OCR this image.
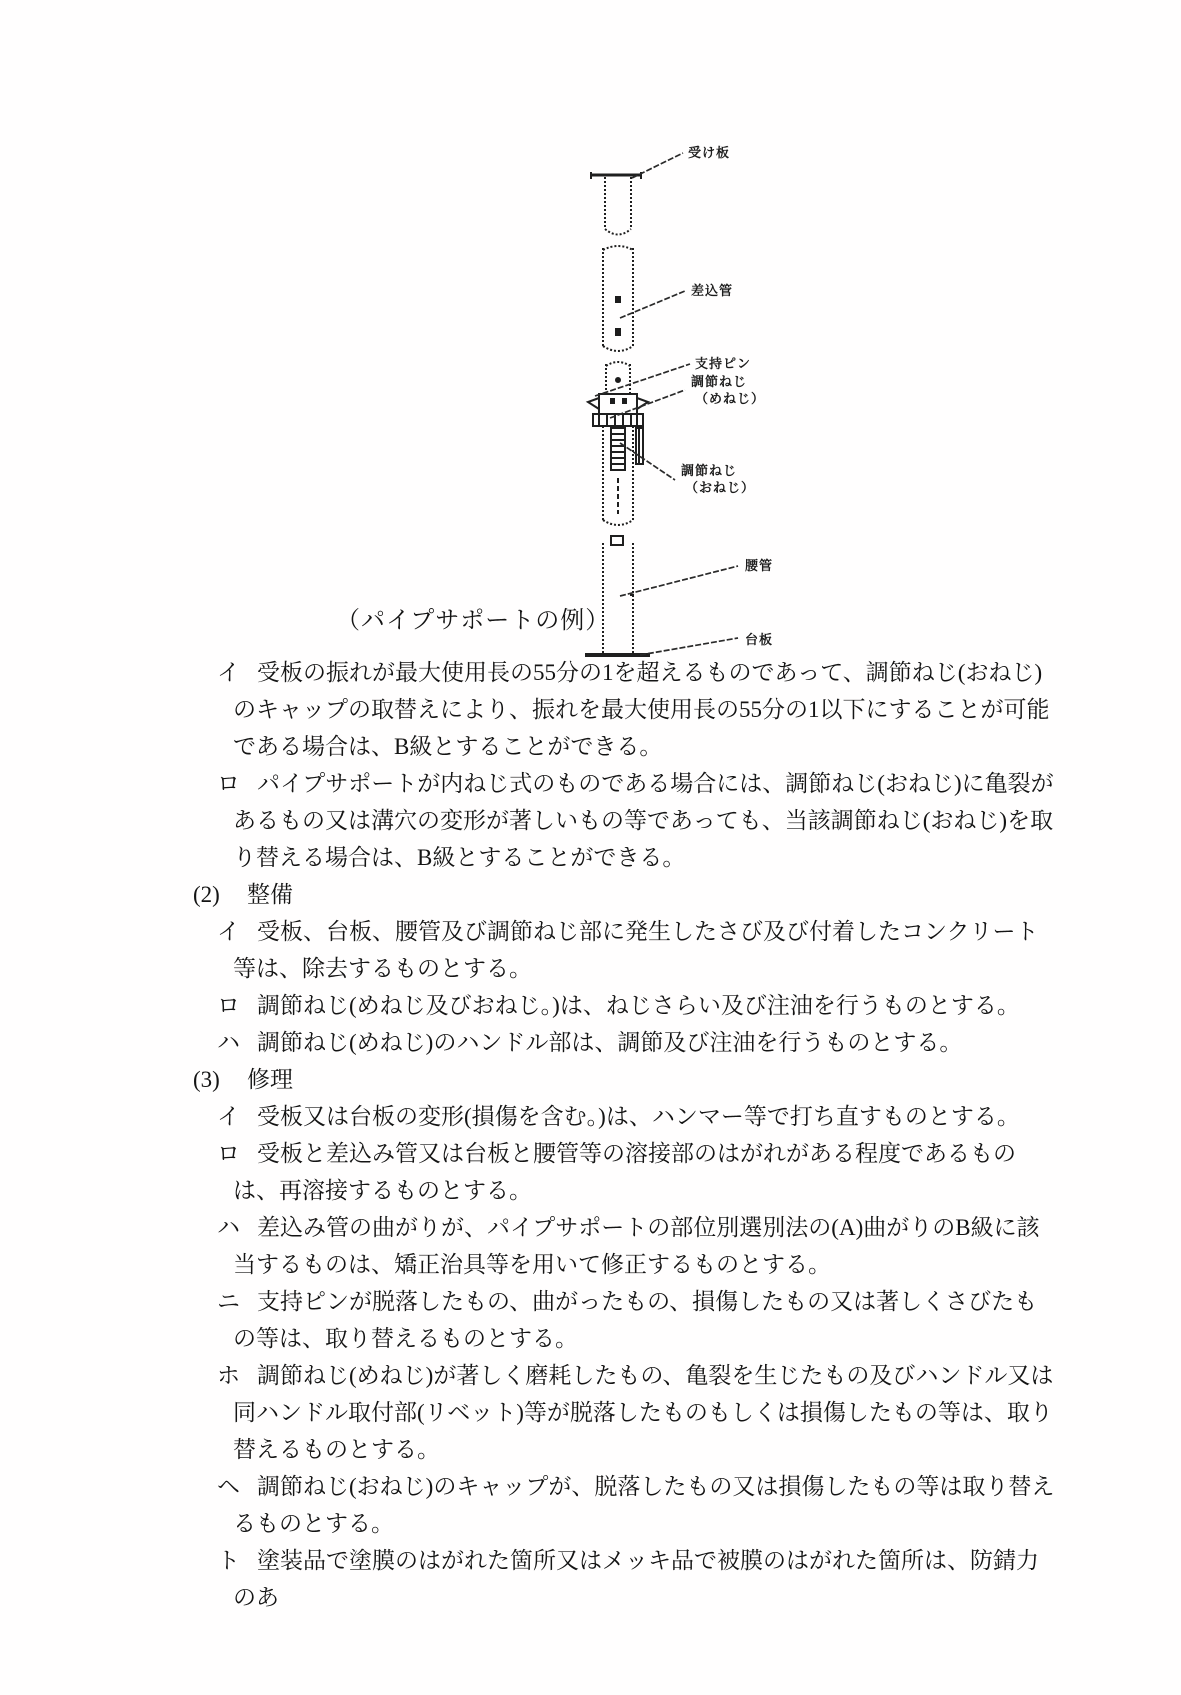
受け板
差込管
支持ピン
調節ねじ
（めねじ）
調節ねじ
（おねじ）
腰管
台板
（パイプサポートの例）
イ 受板の振れが最大使用長の55分の1を超えるものであって、調節ねじ(おねじ)のキャップの取替えにより、振れを最大使用長の55分の1以下にすることが可能である場合は、B級とすることができる。
ロ パイプサポートが内ねじ式のものである場合には、調節ねじ(おねじ)に亀裂があるもの又は溝穴の変形が著しいもの等であっても、当該調節ねじ(おねじ)を取り替える場合は、B級とすることができる。
(2) 整備
イ 受板、台板、腰管及び調節ねじ部に発生したさび及び付着したコンクリート等は、除去するものとする。
ロ 調節ねじ(めねじ及びおねじ。)は、ねじさらい及び注油を行うものとする。
ハ 調節ねじ(めねじ)のハンドル部は、調節及び注油を行うものとする。
(3) 修理
イ 受板又は台板の変形(損傷を含む。)は、ハンマー等で打ち直すものとする。
ロ 受板と差込み管又は台板と腰管等の溶接部のはがれがある程度であるものは、再溶接するものとする。
ハ 差込み管の曲がりが、パイプサポートの部位別選別法の(A)曲がりのB級に該当するものは、矯正治具等を用いて修正するものとする。
ニ 支持ピンが脱落したもの、曲がったもの、損傷したもの又は著しくさびたもの等は、取り替えるものとする。
ホ 調節ねじ(めねじ)が著しく磨耗したもの、亀裂を生じたもの及びハンドル又は同ハンドル取付部(リベット)等が脱落したものもしくは損傷したもの等は、取り替えるものとする。
ヘ 調節ねじ(おねじ)のキャップが、脱落したもの又は損傷したもの等は取り替えるものとする。
ト 塗装品で塗膜のはがれた箇所又はメッキ品で被膜のはがれた箇所は、防錆力のあ
